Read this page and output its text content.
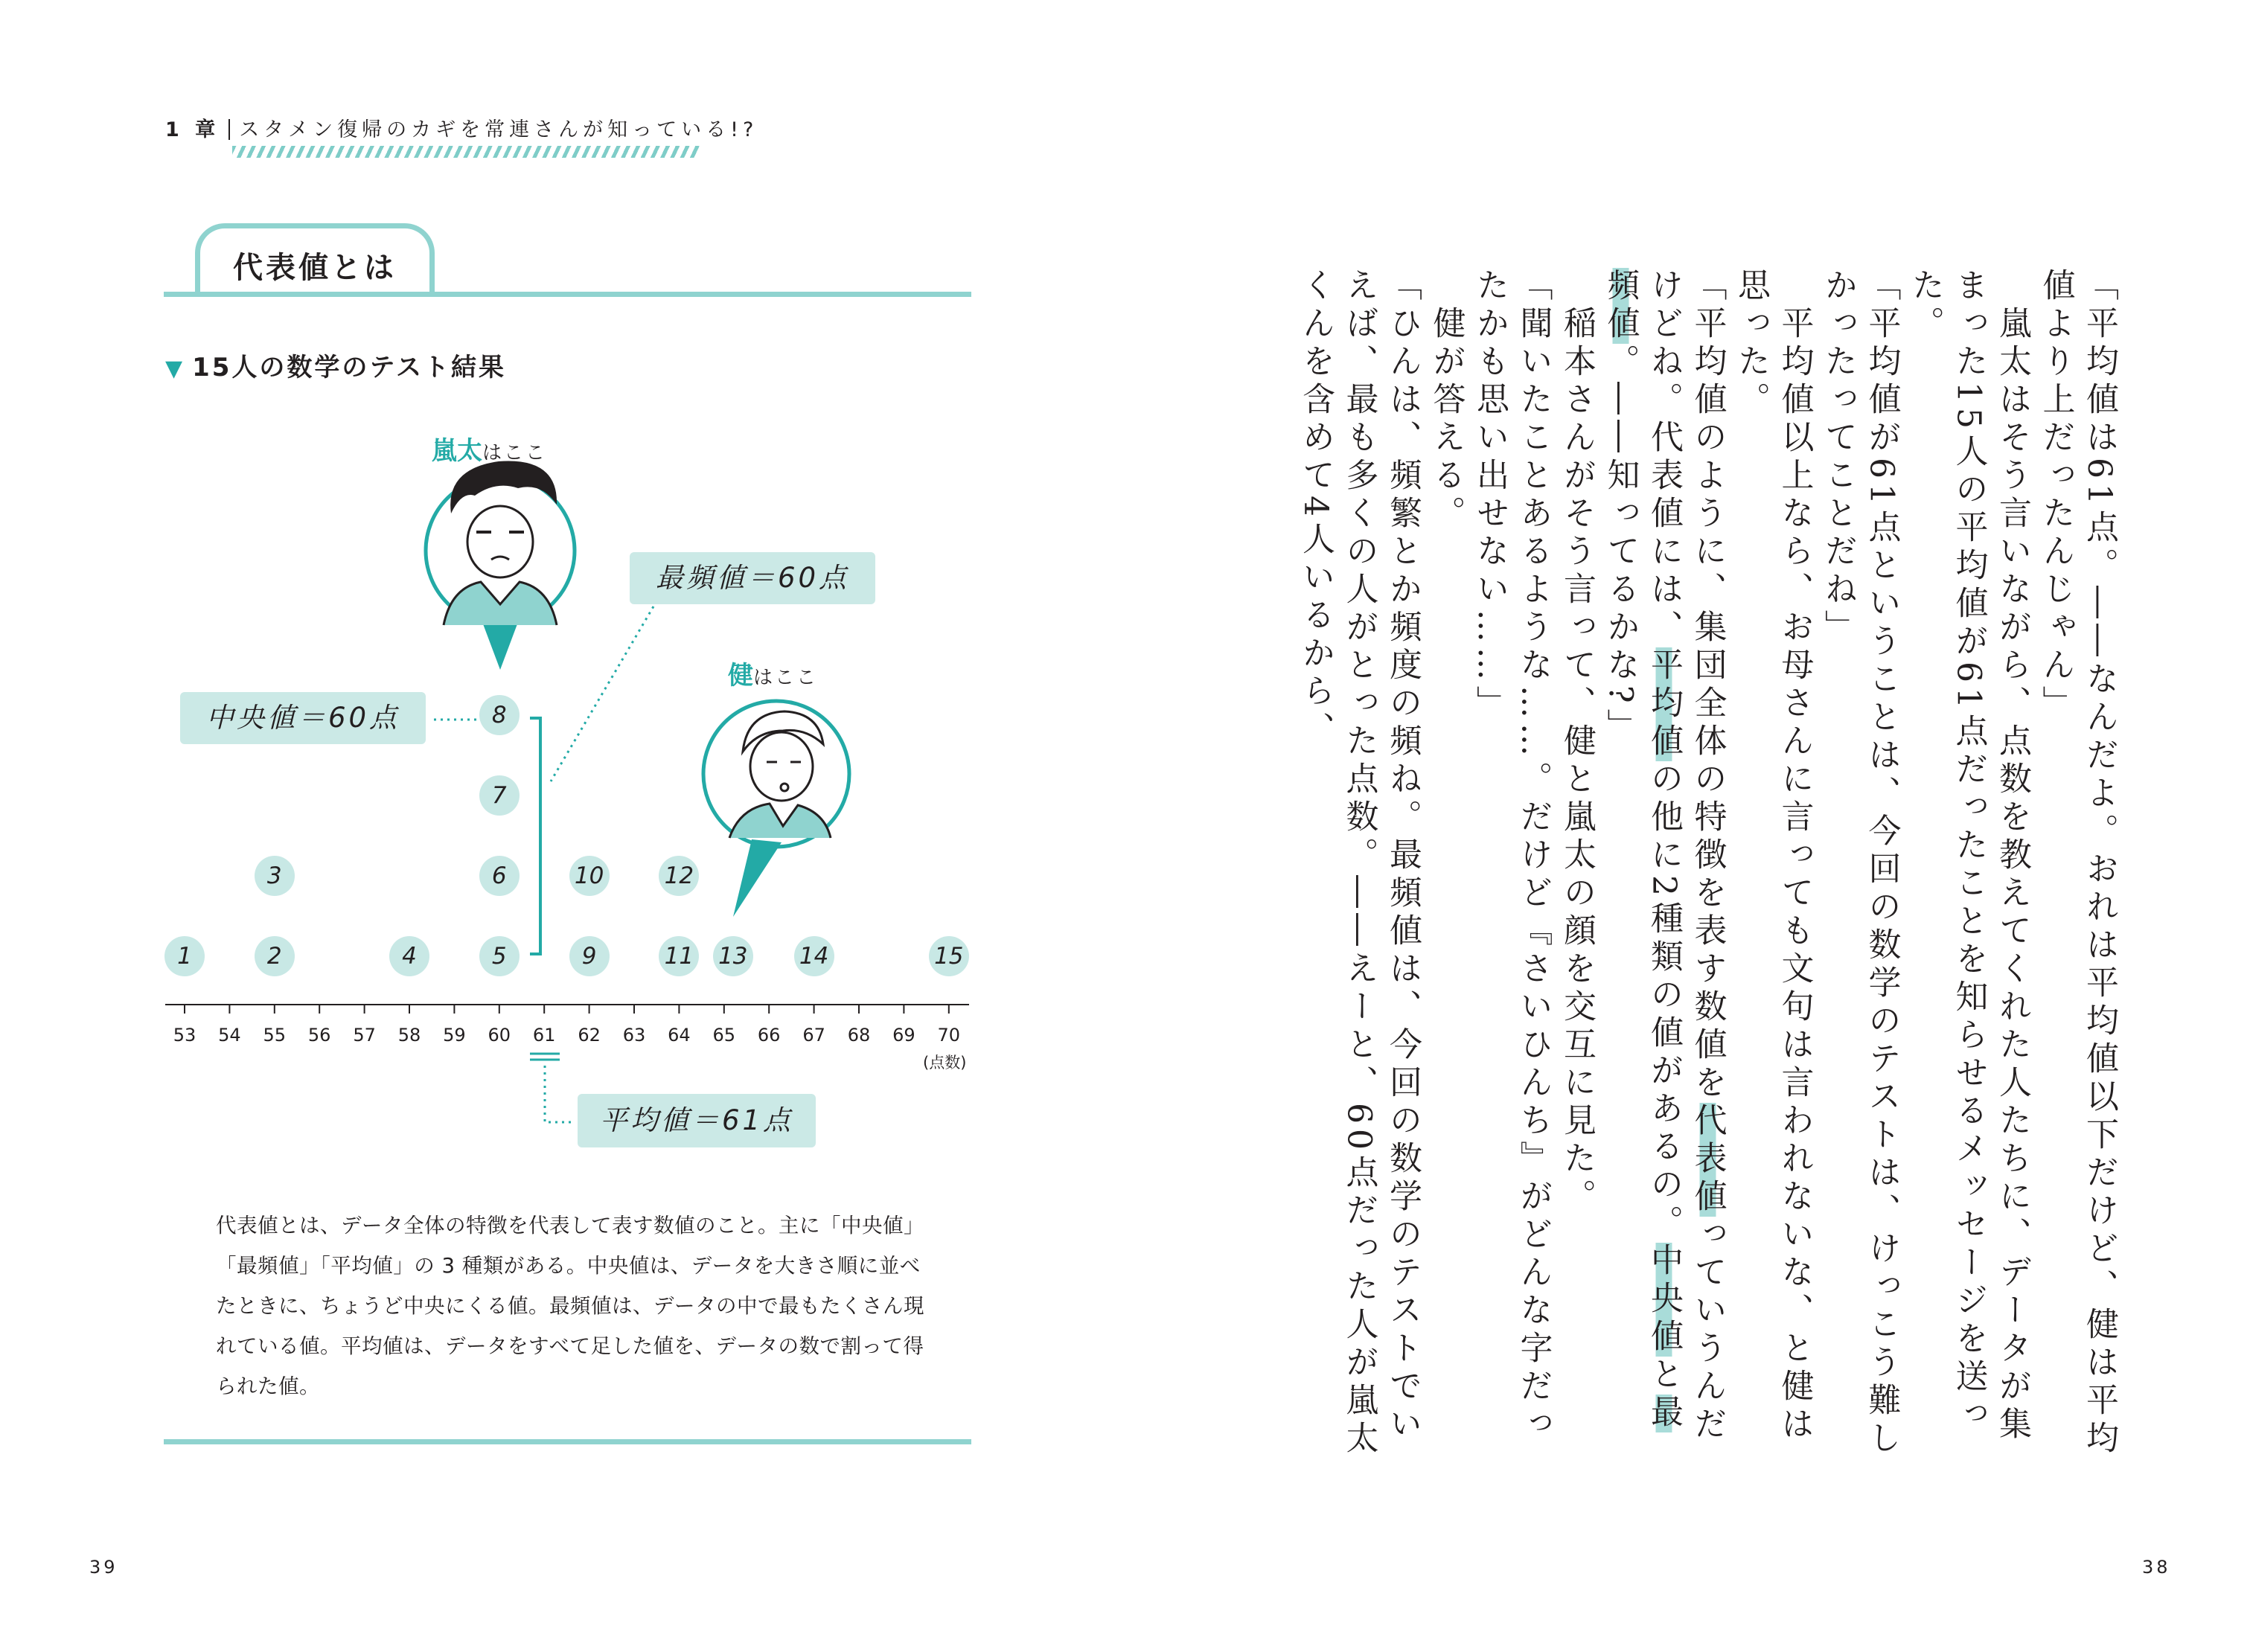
1 章 スタメン復帰のカギを常連さんが知っている!?
代表値とは
▼ 15人の数学のテスト結果
嵐太はここ
健はここ
最頻値＝60点
中央値＝60点
平均値＝61点
1	2
3
4	5
6
7
8
9
10
11
12
13 14	15
53	54	55	56	57	58	59	60	61	62	63	64	65	66	67	68	69	70
(点数)
代表値とは、データ全体の特徴を代表して表す数値のこと。主に「中央値」「最頻値」「平均値」の 3 種類がある。中央値は、データを大きさ順に並べたときに、ちょうど中央にくる値。最頻値は、データの中で最もたくさん現れている値。平均値は、データをすべて足した値を、データの数で割って得られた値。
39

「平均値は61点。――なんだよ。おれは平均値以下だけど、健は平均値より上だったんじゃん」

　嵐太はそう言いながら、点数を教えてくれた人たちに、データが集まった15人の平均値が61点だったことを知らせるメッセージを送った。

「平均値が61点ということは、今回の数学のテストは、けっこう難しかったってことだね」

　平均値以上なら、お母さんに言っても文句は言われないな、と健は思った。

「平均値のように、集団全体の特徴を表す数値を代表値っていうんだけどね。代表値には、平均値の他に2種類の値があるの。中央値と最頻値。――知ってるかな?」

　稲本さんがそう言って、健と嵐太の顔を交互に見た。

「聞いたことあるような……。だけど『さいひんち』がどんな字だったかも思い出せない……」

　健が答える。

「ひんは、頻繁とか頻度の頻ね。最頻値は、今回の数学のテストでいえば、最も多くの人がとった点数。――えーと、60点だった人が嵐太くんを含めて4人いるから、

38
